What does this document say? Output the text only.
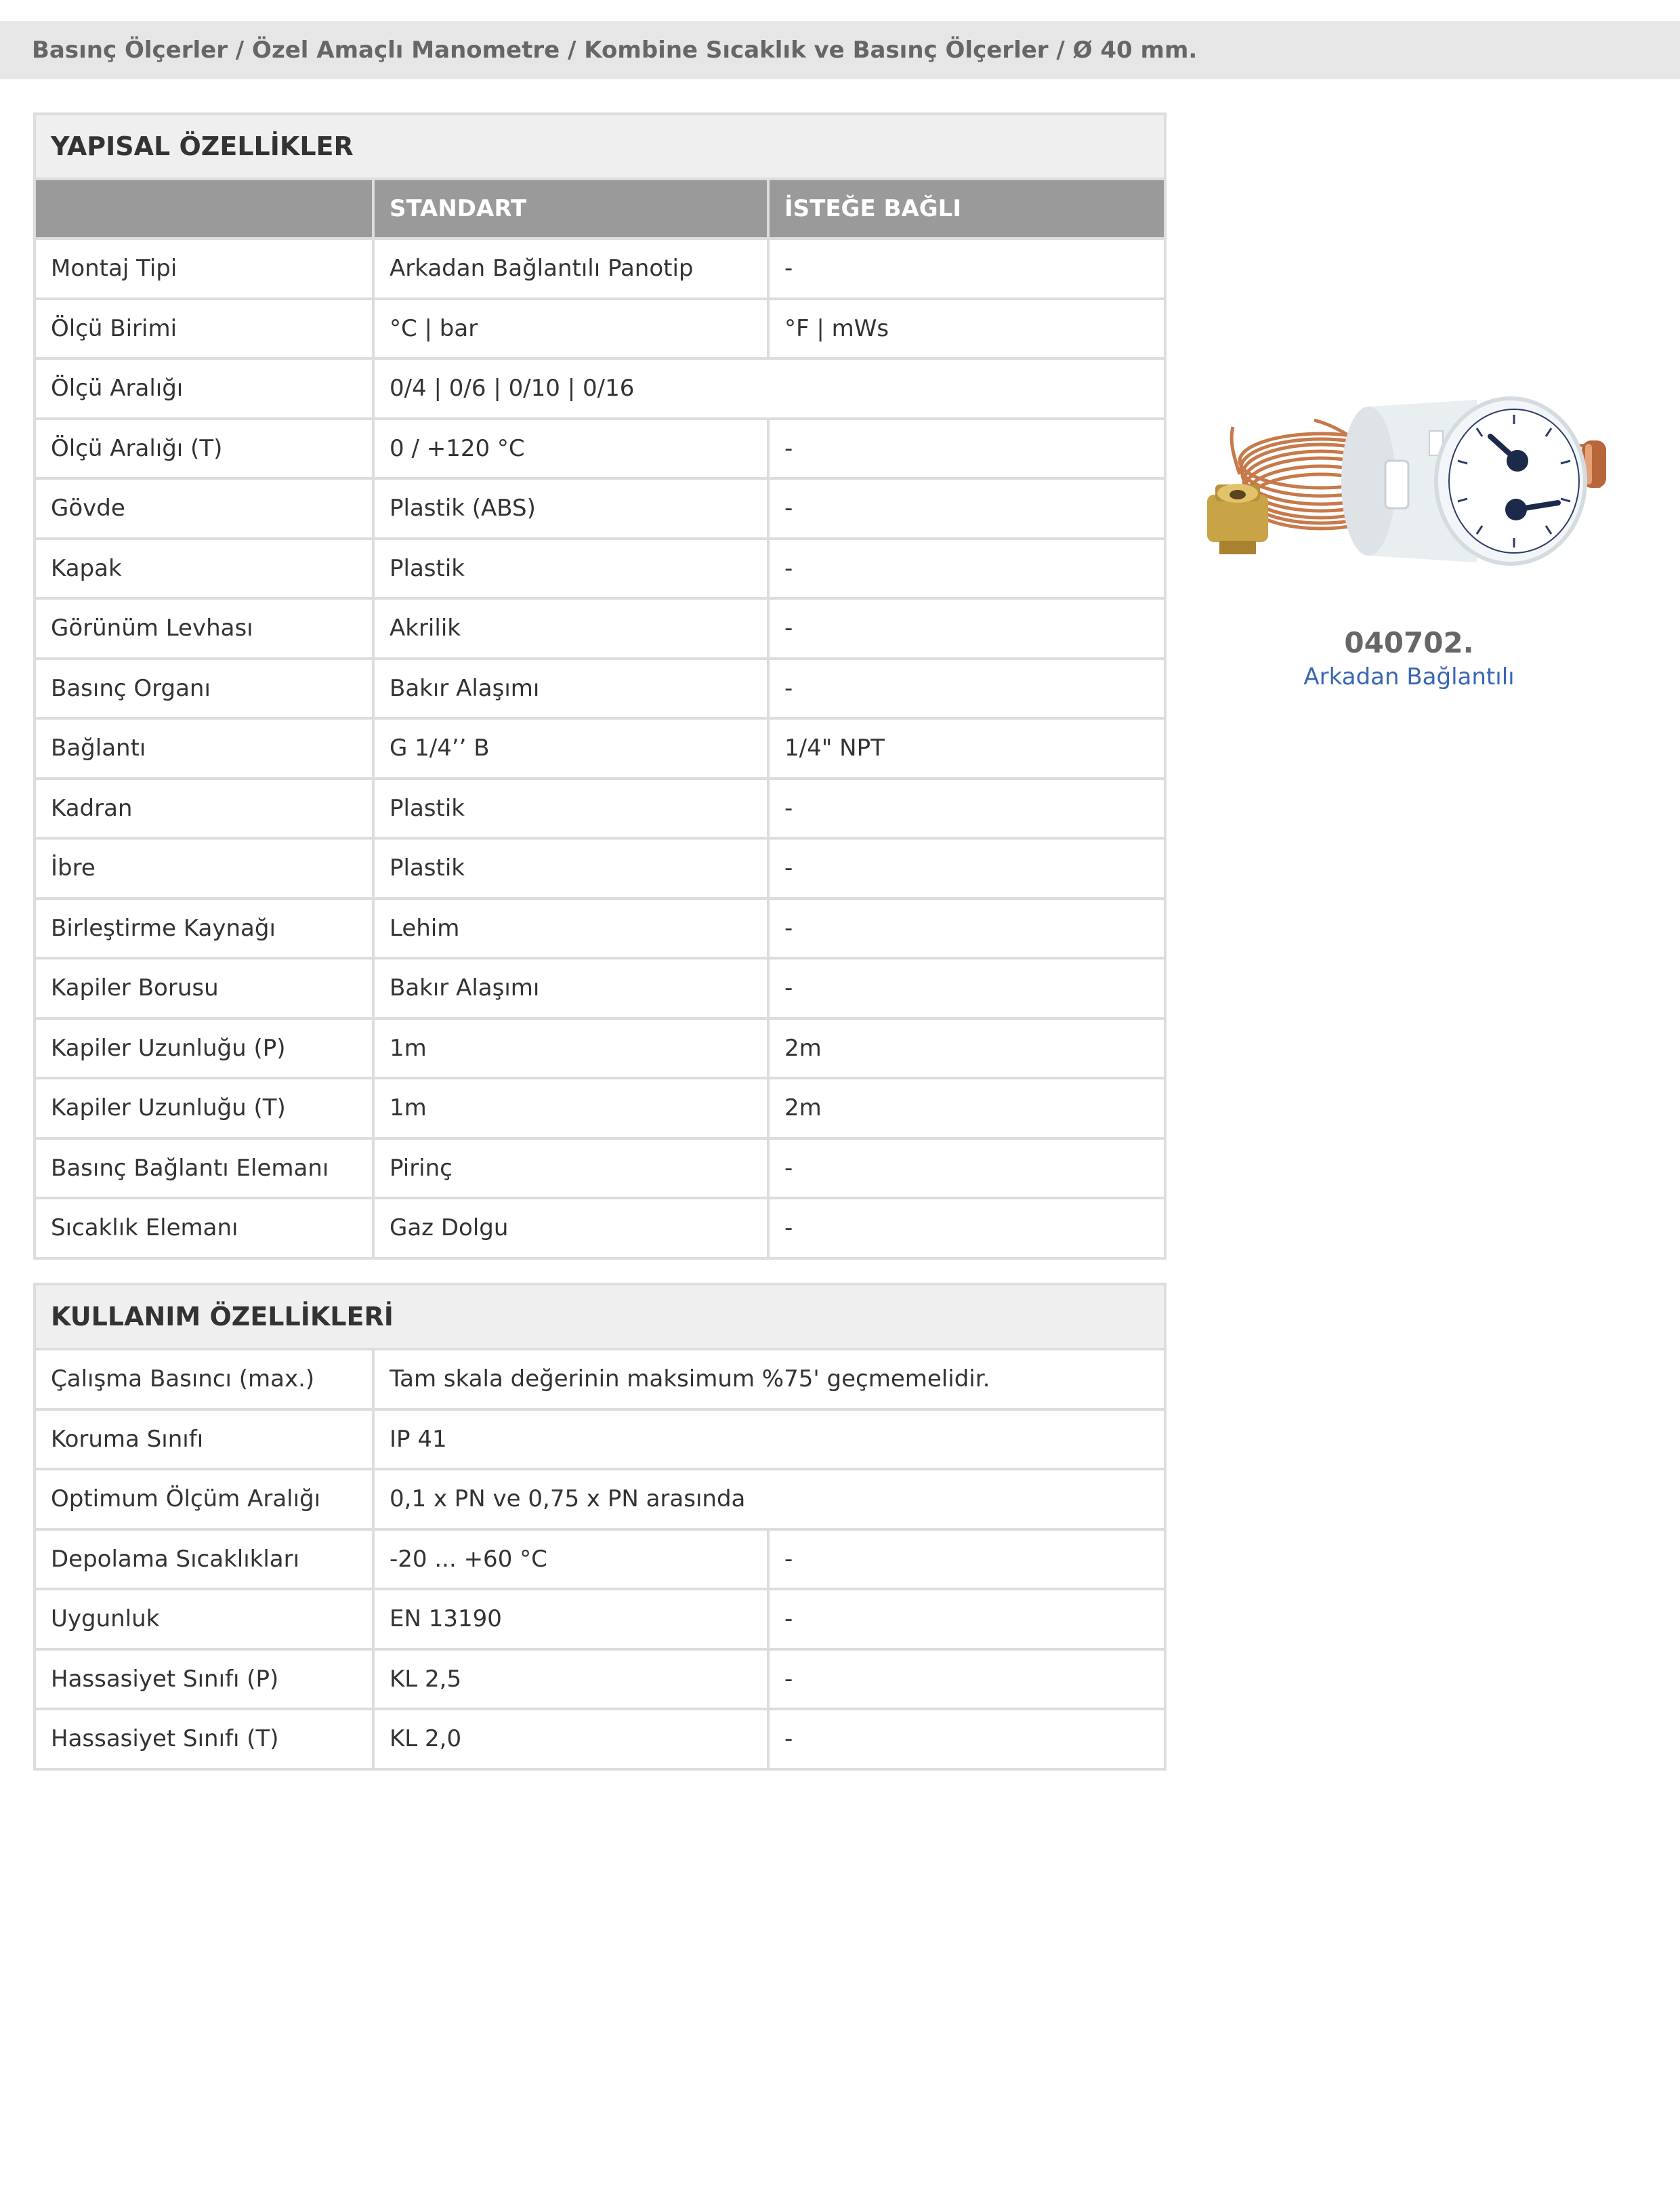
Basınç Ölçerler / Özel Amaçlı Manometre / Kombine Sıcaklık ve Basınç Ölçerler / Ø 40 mm.
YAPISAL ÖZELLİKLER		
	STANDART	İSTEĞE BAĞLI
Montaj Tipi	Arkadan Bağlantılı Panotip	-
Ölçü Birimi	°C | bar	°F | mWs
Ölçü Aralığı	0/4 | 0/6 | 0/10 | 0/16	
Ölçü Aralığı (T)	0 / +120 °C	-
Gövde	Plastik (ABS)	-
Kapak	Plastik	-
Görünüm Levhası	Akrilik	-
Basınç Organı	Bakır Alaşımı	-
Bağlantı	G 1/4’’ B	1/4" NPT
Kadran	Plastik	-
İbre	Plastik	-
Birleştirme Kaynağı	Lehim	-
Kapiler Borusu	Bakır Alaşımı	-
Kapiler Uzunluğu (P)	1m	2m
Kapiler Uzunluğu (T)	1m	2m
Basınç Bağlantı Elemanı	Pirinç	-
Sıcaklık Elemanı	Gaz Dolgu	-
KULLANIM ÖZELLİKLERİ		
Çalışma Basıncı (max.)	Tam skala değerinin maksimum %75' geçmemelidir.	
Koruma Sınıfı	IP 41	
Optimum Ölçüm Aralığı	0,1 x PN ve 0,75 x PN arasında	
Depolama Sıcaklıkları	-20 ... +60 °C	-
Uygunluk	EN 13190	-
Hassasiyet Sınıfı (P)	KL 2,5	-
Hassasiyet Sınıfı (T)	KL 2,0	-
040702.
Arkadan Bağlantılı
